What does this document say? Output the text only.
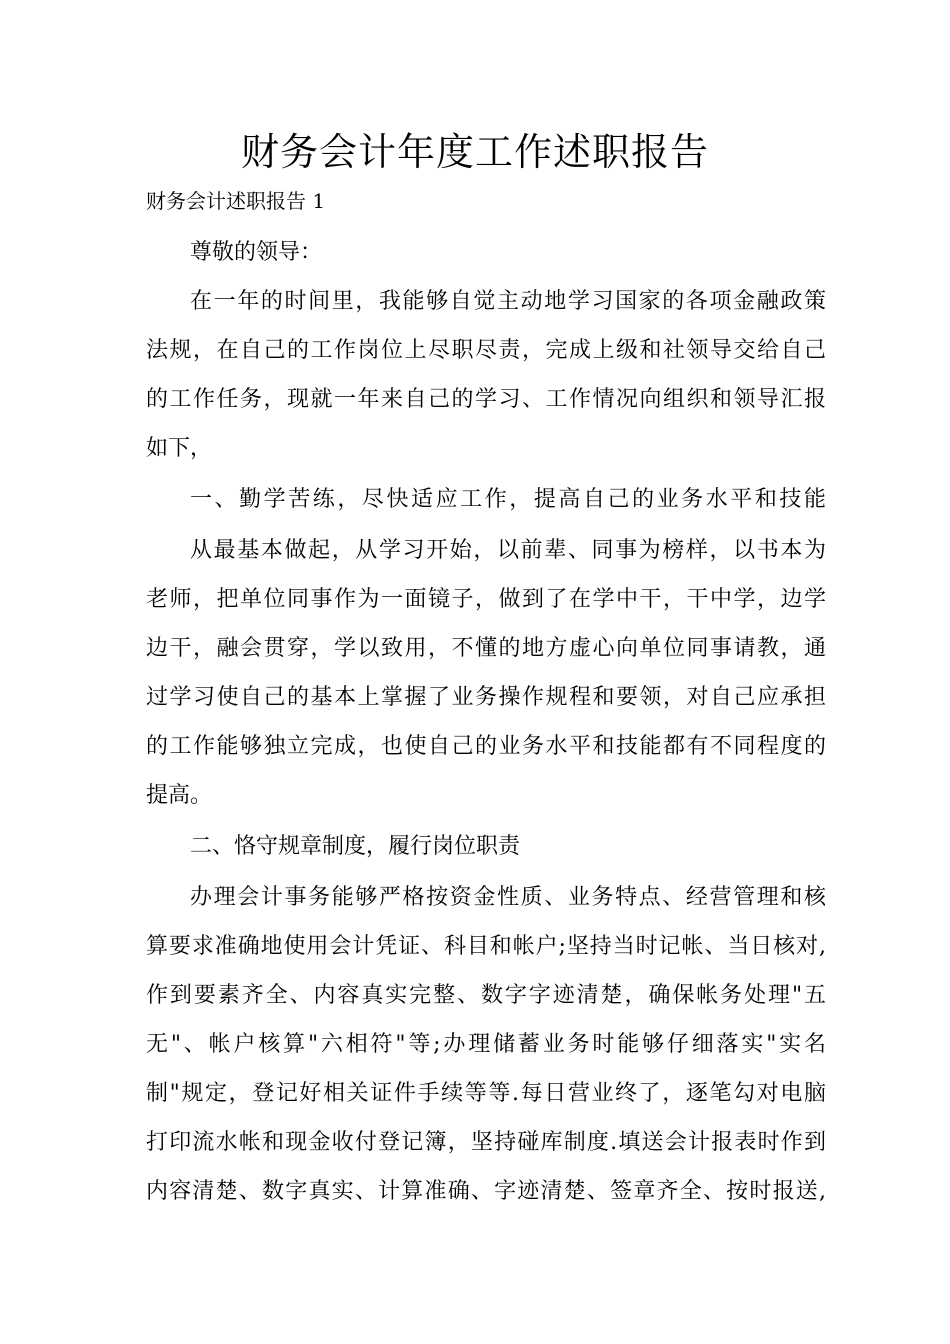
财务会计年度工作述职报告
财务会计述职报告 1
尊敬的领导：
在一年的时间里，我能够自觉主动地学习国家的各项金融政策
法规，在自己的工作岗位上尽职尽责，完成上级和社领导交给自己
的工作任务，现就一年来自己的学习、工作情况向组织和领导汇报
如下，
一、勤学苦练，尽快适应工作，提高自己的业务水平和技能
从最基本做起，从学习开始，以前辈、同事为榜样，以书本为
老师，把单位同事作为一面镜子，做到了在学中干，干中学，边学
边干，融会贯穿，学以致用，不懂的地方虚心向单位同事请教，通
过学习使自己的基本上掌握了业务操作规程和要领，对自己应承担
的工作能够独立完成，也使自己的业务水平和技能都有不同程度的
提高。
二、恪守规章制度，履行岗位职责
办理会计事务能够严格按资金性质、业务特点、经营管理和核
算要求准确地使用会计凭证、科目和帐户;坚持当时记帐、当日核对,
作到要素齐全、内容真实完整、数字字迹清楚，确保帐务处理"五
无"、帐户核算"六相符"等;办理储蓄业务时能够仔细落实"实名
制"规定，登记好相关证件手续等等.每日营业终了，逐笔勾对电脑
打印流水帐和现金收付登记簿，坚持碰库制度.填送会计报表时作到
内容清楚、数字真实、计算准确、字迹清楚、签章齐全、按时报送,
